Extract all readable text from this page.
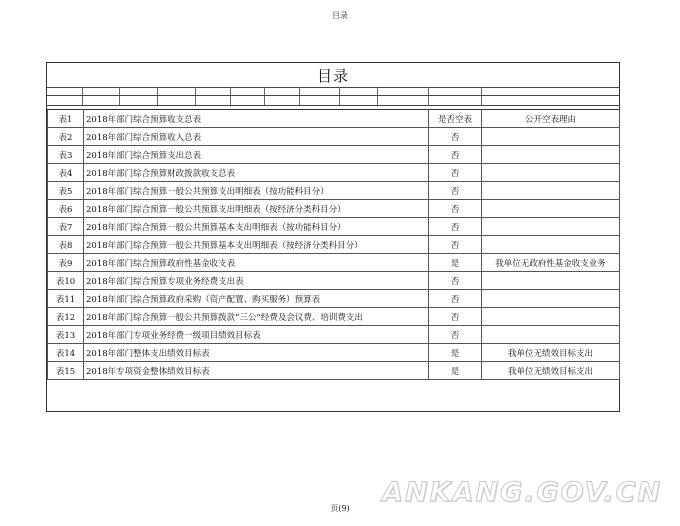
目录
目录
表1	2018年部门综合预算收支总表	是否空表	公开空表理由
表2	2018年部门综合预算收入总表	否	
表3	2018年部门综合预算支出总表	否	
表4	2018年部门综合预算财政拨款收支总表	否	
表5	2018年部门综合预算一般公共预算支出明细表（按功能科目分）	否	
表6	2018年部门综合预算一般公共预算支出明细表（按经济分类科目分）	否	
表7	2018年部门综合预算一般公共预算基本支出明细表（按功能科目分）	否	
表8	2018年部门综合预算一般公共预算基本支出明细表（按经济分类科目分）	否	
表9	2018年部门综合预算政府性基金收支表	是	我单位无政府性基金收支业务
表10	2018年部门综合预算专项业务经费支出表	否	
表11	2018年部门综合预算政府采购（资产配置、购买服务）预算表	否	
表12	2018年部门综合预算一般公共预算拨款“三公”经费及会议费、培训费支出	否	
表13	2018年部门专项业务经费一级项目绩效目标表	否	
表14	2018年部门整体支出绩效目标表	是	我单位无绩效目标支出
表15	2018年专项资金整体绩效目标表	是	我单位无绩效目标支出
页(9)
ANKANG.GOV.CN
